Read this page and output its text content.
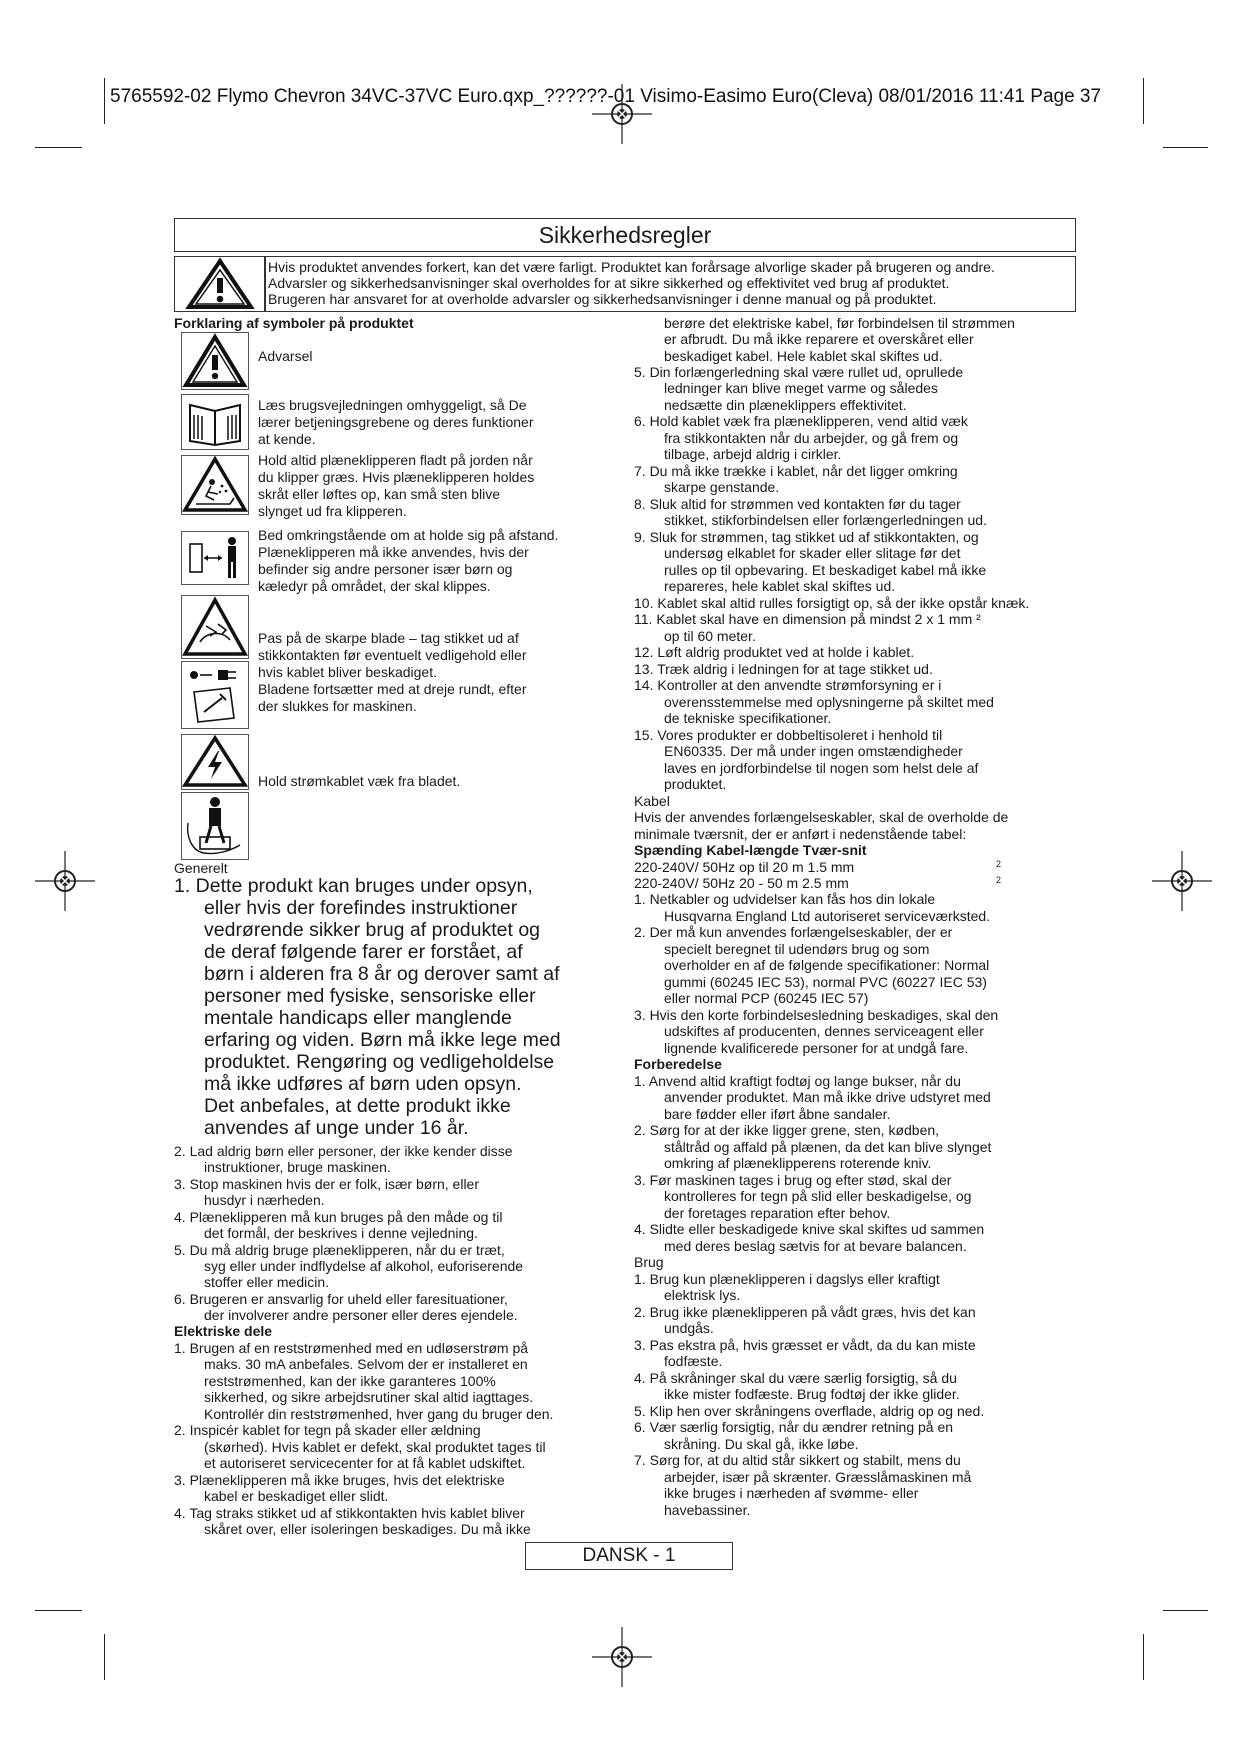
5765592-02 Flymo Chevron 34VC-37VC Euro.qxp_??????-01 Visimo-Easimo Euro(Cleva) 08/01/2016 11:41 Page 37
Sikkerhedsregler
Hvis produktet anvendes forkert, kan det være farligt. Produktet kan forårsage alvorlige skader på brugeren og andre.
Advarsler og sikkerhedsanvisninger skal overholdes for at sikre sikkerhed og effektivitet ved brug af produktet.
Brugeren har ansvaret for at overholde advarsler og sikkerhedsanvisninger i denne manual og på produktet.
Forklaring af symboler på produktet
Advarsel
Læs brugsvejledningen omhyggeligt, så De
lærer betjeningsgrebene og deres funktioner
at kende.
Hold altid plæneklipperen fladt på jorden når
du klipper græs. Hvis plæneklipperen holdes
skråt eller løftes op, kan små sten blive
slynget ud fra klipperen.
Bed omkringstående om at holde sig på afstand.
Plæneklipperen må ikke anvendes, hvis der
befinder sig andre personer især børn og
kæledyr på området, der skal klippes.
Pas på de skarpe blade – tag stikket ud af
stikkontakten før eventuelt vedligehold eller
hvis kablet bliver beskadiget.
Bladene fortsætter med at dreje rundt, efter
der slukkes for maskinen.
Hold strømkablet væk fra bladet.
Generelt
1. Dette produkt kan bruges under opsyn,
eller hvis der forefindes instruktioner
vedrørende sikker brug af produktet og
de deraf følgende farer er forstået, af
børn i alderen fra 8 år og derover samt af
personer med fysiske, sensoriske eller
mentale handicaps eller manglende
erfaring og viden. Børn må ikke lege med
produktet. Rengøring og vedligeholdelse
må ikke udføres af børn uden opsyn.
Det anbefales, at dette produkt ikke
anvendes af unge under 16 år.
2. Lad aldrig børn eller personer, der ikke kender disse
instruktioner, bruge maskinen.
3. Stop maskinen hvis der er folk, især børn, eller
husdyr i nærheden.
4. Plæneklipperen må kun bruges på den måde og til
det formål, der beskrives i denne vejledning.
5. Du må aldrig bruge plæneklipperen, når du er træt,
syg eller under indflydelse af alkohol, euforiserende
stoffer eller medicin.
6. Brugeren er ansvarlig for uheld eller faresituationer,
der involverer andre personer eller deres ejendele.
Elektriske dele
1. Brugen af en reststrømenhed med en udløserstrøm på
maks. 30 mA anbefales. Selvom der er installeret en
reststrømenhed, kan der ikke garanteres 100%
sikkerhed, og sikre arbejdsrutiner skal altid iagttages.
Kontrollér din reststrømenhed, hver gang du bruger den.
2. Inspicér kablet for tegn på skader eller ældning
(skørhed). Hvis kablet er defekt, skal produktet tages til
et autoriseret servicecenter for at få kablet udskiftet.
3. Plæneklipperen må ikke bruges, hvis det elektriske
kabel er beskadiget eller slidt.
4. Tag straks stikket ud af stikkontakten hvis kablet bliver
skåret over, eller isoleringen beskadiges. Du må ikke
berøre det elektriske kabel, før forbindelsen til strømmen
er afbrudt. Du må ikke reparere et overskåret eller
beskadiget kabel. Hele kablet skal skiftes ud.
5. Din forlængerledning skal være rullet ud, oprullede
ledninger kan blive meget varme og således
nedsætte din plæneklippers effektivitet.
6. Hold kablet væk fra plæneklipperen, vend altid væk
fra stikkontakten når du arbejder, og gå frem og
tilbage, arbejd aldrig i cirkler.
7. Du må ikke trække i kablet, når det ligger omkring
skarpe genstande.
8. Sluk altid for strømmen ved kontakten før du tager
stikket, stikforbindelsen eller forlængerledningen ud.
9. Sluk for strømmen, tag stikket ud af stikkontakten, og
undersøg elkablet for skader eller slitage før det
rulles op til opbevaring. Et beskadiget kabel må ikke
repareres, hele kablet skal skiftes ud.
10. Kablet skal altid rulles forsigtigt op, så der ikke opstår knæk.
11. Kablet skal have en dimension på mindst 2 x 1 mm ²
op til 60 meter.
12. Løft aldrig produktet ved at holde i kablet.
13. Træk aldrig i ledningen for at tage stikket ud.
14. Kontroller at den anvendte strømforsyning er i
overensstemmelse med oplysningerne på skiltet med
de tekniske specifikationer.
15. Vores produkter er dobbeltisoleret i henhold til
EN60335. Der må under ingen omstændigheder
laves en jordforbindelse til nogen som helst dele af
produktet.
Kabel
Hvis der anvendes forlængelseskabler, skal de overholde de
minimale tværsnit, der er anført i nedenstående tabel:
Spænding Kabel-længde Tvær-snit
220-240V/ 50Hz op til 20 m 1.5 mm	2
220-240V/ 50Hz 20 - 50 m 2.5 mm	2
1. Netkabler og udvidelser kan fås hos din lokale
Husqvarna England Ltd autoriseret serviceværksted.
2. Der må kun anvendes forlængelseskabler, der er
specielt beregnet til udendørs brug og som
overholder en af de følgende specifikationer: Normal
gummi (60245 IEC 53), normal PVC (60227 IEC 53)
eller normal PCP (60245 IEC 57)
3. Hvis den korte forbindelsesledning beskadiges, skal den
udskiftes af producenten, dennes serviceagent eller
lignende kvalificerede personer for at undgå fare.
Forberedelse
1. Anvend altid kraftigt fodtøj og lange bukser, når du
anvender produktet. Man må ikke drive udstyret med
bare fødder eller iført åbne sandaler.
2. Sørg for at der ikke ligger grene, sten, kødben,
ståltråd og affald på plænen, da det kan blive slynget
omkring af plæneklipperens roterende kniv.
3. Før maskinen tages i brug og efter stød, skal der
kontrolleres for tegn på slid eller beskadigelse, og
der foretages reparation efter behov.
4. Slidte eller beskadigede knive skal skiftes ud sammen
med deres beslag sætvis for at bevare balancen.
Brug
1. Brug kun plæneklipperen i dagslys eller kraftigt
elektrisk lys.
2. Brug ikke plæneklipperen på vådt græs, hvis det kan
undgås.
3. Pas ekstra på, hvis græsset er vådt, da du kan miste
fodfæste.
4. På skråninger skal du være særlig forsigtig, så du
ikke mister fodfæste. Brug fodtøj der ikke glider.
5. Klip hen over skråningens overflade, aldrig op og ned.
6. Vær særlig forsigtig, når du ændrer retning på en
skråning. Du skal gå, ikke løbe.
7. Sørg for, at du altid står sikkert og stabilt, mens du
arbejder, især på skrænter. Græsslåmaskinen må
ikke bruges i nærheden af svømme- eller
havebassiner.
DANSK - 1
